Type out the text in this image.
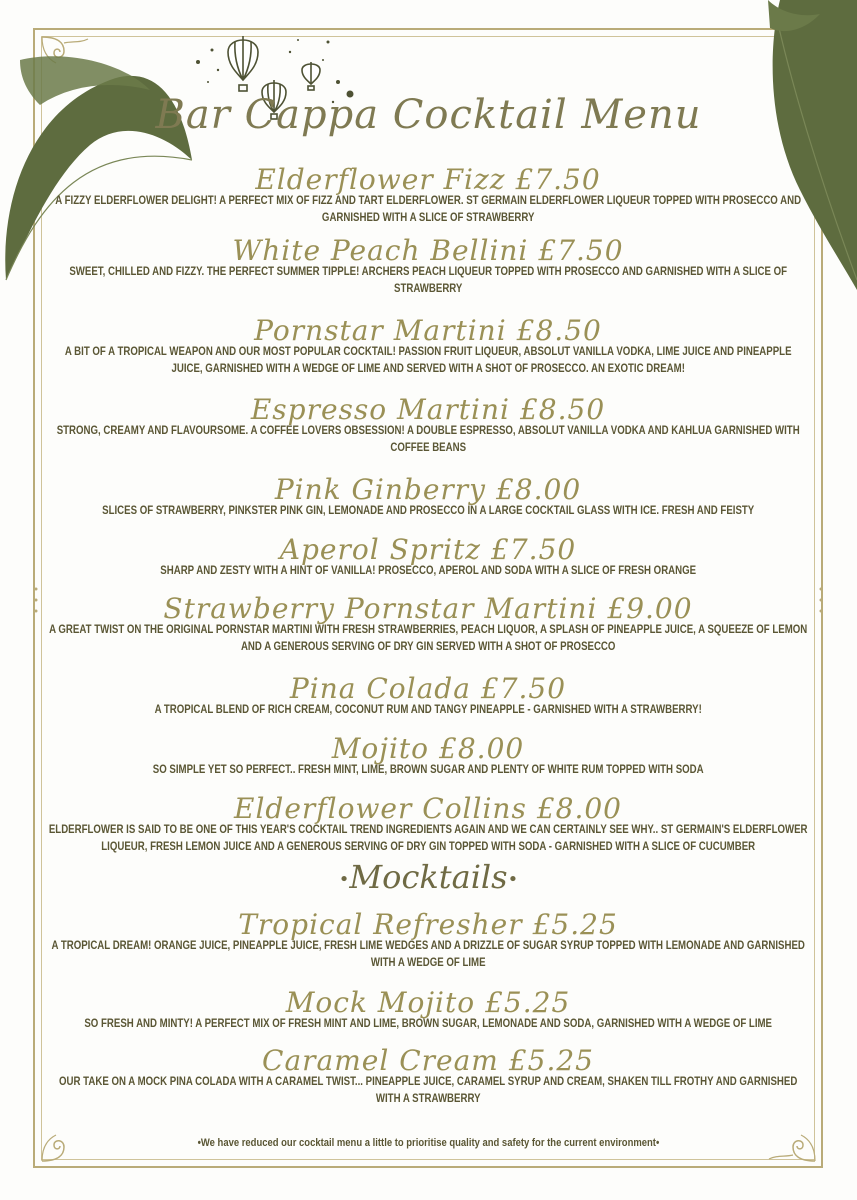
Bar Cappa Cocktail Menu
Elderflower Fizz £7.50
A FIZZY ELDERFLOWER DELIGHT! A PERFECT MIX OF FIZZ AND TART ELDERFLOWER. ST GERMAIN ELDERFLOWER LIQUEUR TOPPED WITH PROSECCO AND GARNISHED WITH A SLICE OF STRAWBERRY
White Peach Bellini £7.50
SWEET, CHILLED AND FIZZY. THE PERFECT SUMMER TIPPLE! ARCHERS PEACH LIQUEUR TOPPED WITH PROSECCO AND GARNISHED WITH A SLICE OF STRAWBERRY
Pornstar Martini £8.50
A BIT OF A TROPICAL WEAPON AND OUR MOST POPULAR COCKTAIL! PASSION FRUIT LIQUEUR, ABSOLUT VANILLA VODKA, LIME JUICE AND PINEAPPLE JUICE, GARNISHED WITH A WEDGE OF LIME AND SERVED WITH A SHOT OF PROSECCO. AN EXOTIC DREAM!
Espresso Martini £8.50
STRONG, CREAMY AND FLAVOURSOME. A COFFEE LOVERS OBSESSION! A DOUBLE ESPRESSO, ABSOLUT VANILLA VODKA AND KAHLUA GARNISHED WITH COFFEE BEANS
Pink Ginberry £8.00
SLICES OF STRAWBERRY, PINKSTER PINK GIN, LEMONADE AND PROSECCO IN A LARGE COCKTAIL GLASS WITH ICE. FRESH AND FEISTY
Aperol Spritz £7.50
SHARP AND ZESTY WITH A HINT OF VANILLA! PROSECCO, APEROL AND SODA WITH A SLICE OF FRESH ORANGE
Strawberry Pornstar Martini £9.00
A GREAT TWIST ON THE ORIGINAL PORNSTAR MARTINI WITH FRESH STRAWBERRIES, PEACH LIQUOR, A SPLASH OF PINEAPPLE JUICE, A SQUEEZE OF LEMON AND A GENEROUS SERVING OF DRY GIN SERVED WITH A SHOT OF PROSECCO
Pina Colada £7.50
A TROPICAL BLEND OF RICH CREAM, COCONUT RUM AND TANGY PINEAPPLE - GARNISHED WITH A STRAWBERRY!
Mojito £8.00
SO SIMPLE YET SO PERFECT.. FRESH MINT, LIME, BROWN SUGAR AND PLENTY OF WHITE RUM TOPPED WITH SODA
Elderflower Collins £8.00
ELDERFLOWER IS SAID TO BE ONE OF THIS YEAR'S COCKTAIL TREND INGREDIENTS AGAIN AND WE CAN CERTAINLY SEE WHY.. ST GERMAIN'S ELDERFLOWER LIQUEUR, FRESH LEMON JUICE AND A GENEROUS SERVING OF DRY GIN TOPPED WITH SODA - GARNISHED WITH A SLICE OF CUCUMBER
•Mocktails•
Tropical Refresher £5.25
A TROPICAL DREAM! ORANGE JUICE, PINEAPPLE JUICE, FRESH LIME WEDGES AND A DRIZZLE OF SUGAR SYRUP TOPPED WITH LEMONADE AND GARNISHED WITH A WEDGE OF LIME
Mock Mojito £5.25
SO FRESH AND MINTY! A PERFECT MIX OF FRESH MINT AND LIME, BROWN SUGAR, LEMONADE AND SODA, GARNISHED WITH A WEDGE OF LIME
Caramel Cream £5.25
OUR TAKE ON A MOCK PINA COLADA WITH A CARAMEL TWIST... PINEAPPLE JUICE, CARAMEL SYRUP AND CREAM, SHAKEN TILL FROTHY AND GARNISHED WITH A STRAWBERRY
•We have reduced our cocktail menu a little to prioritise quality and safety for the current environment•
